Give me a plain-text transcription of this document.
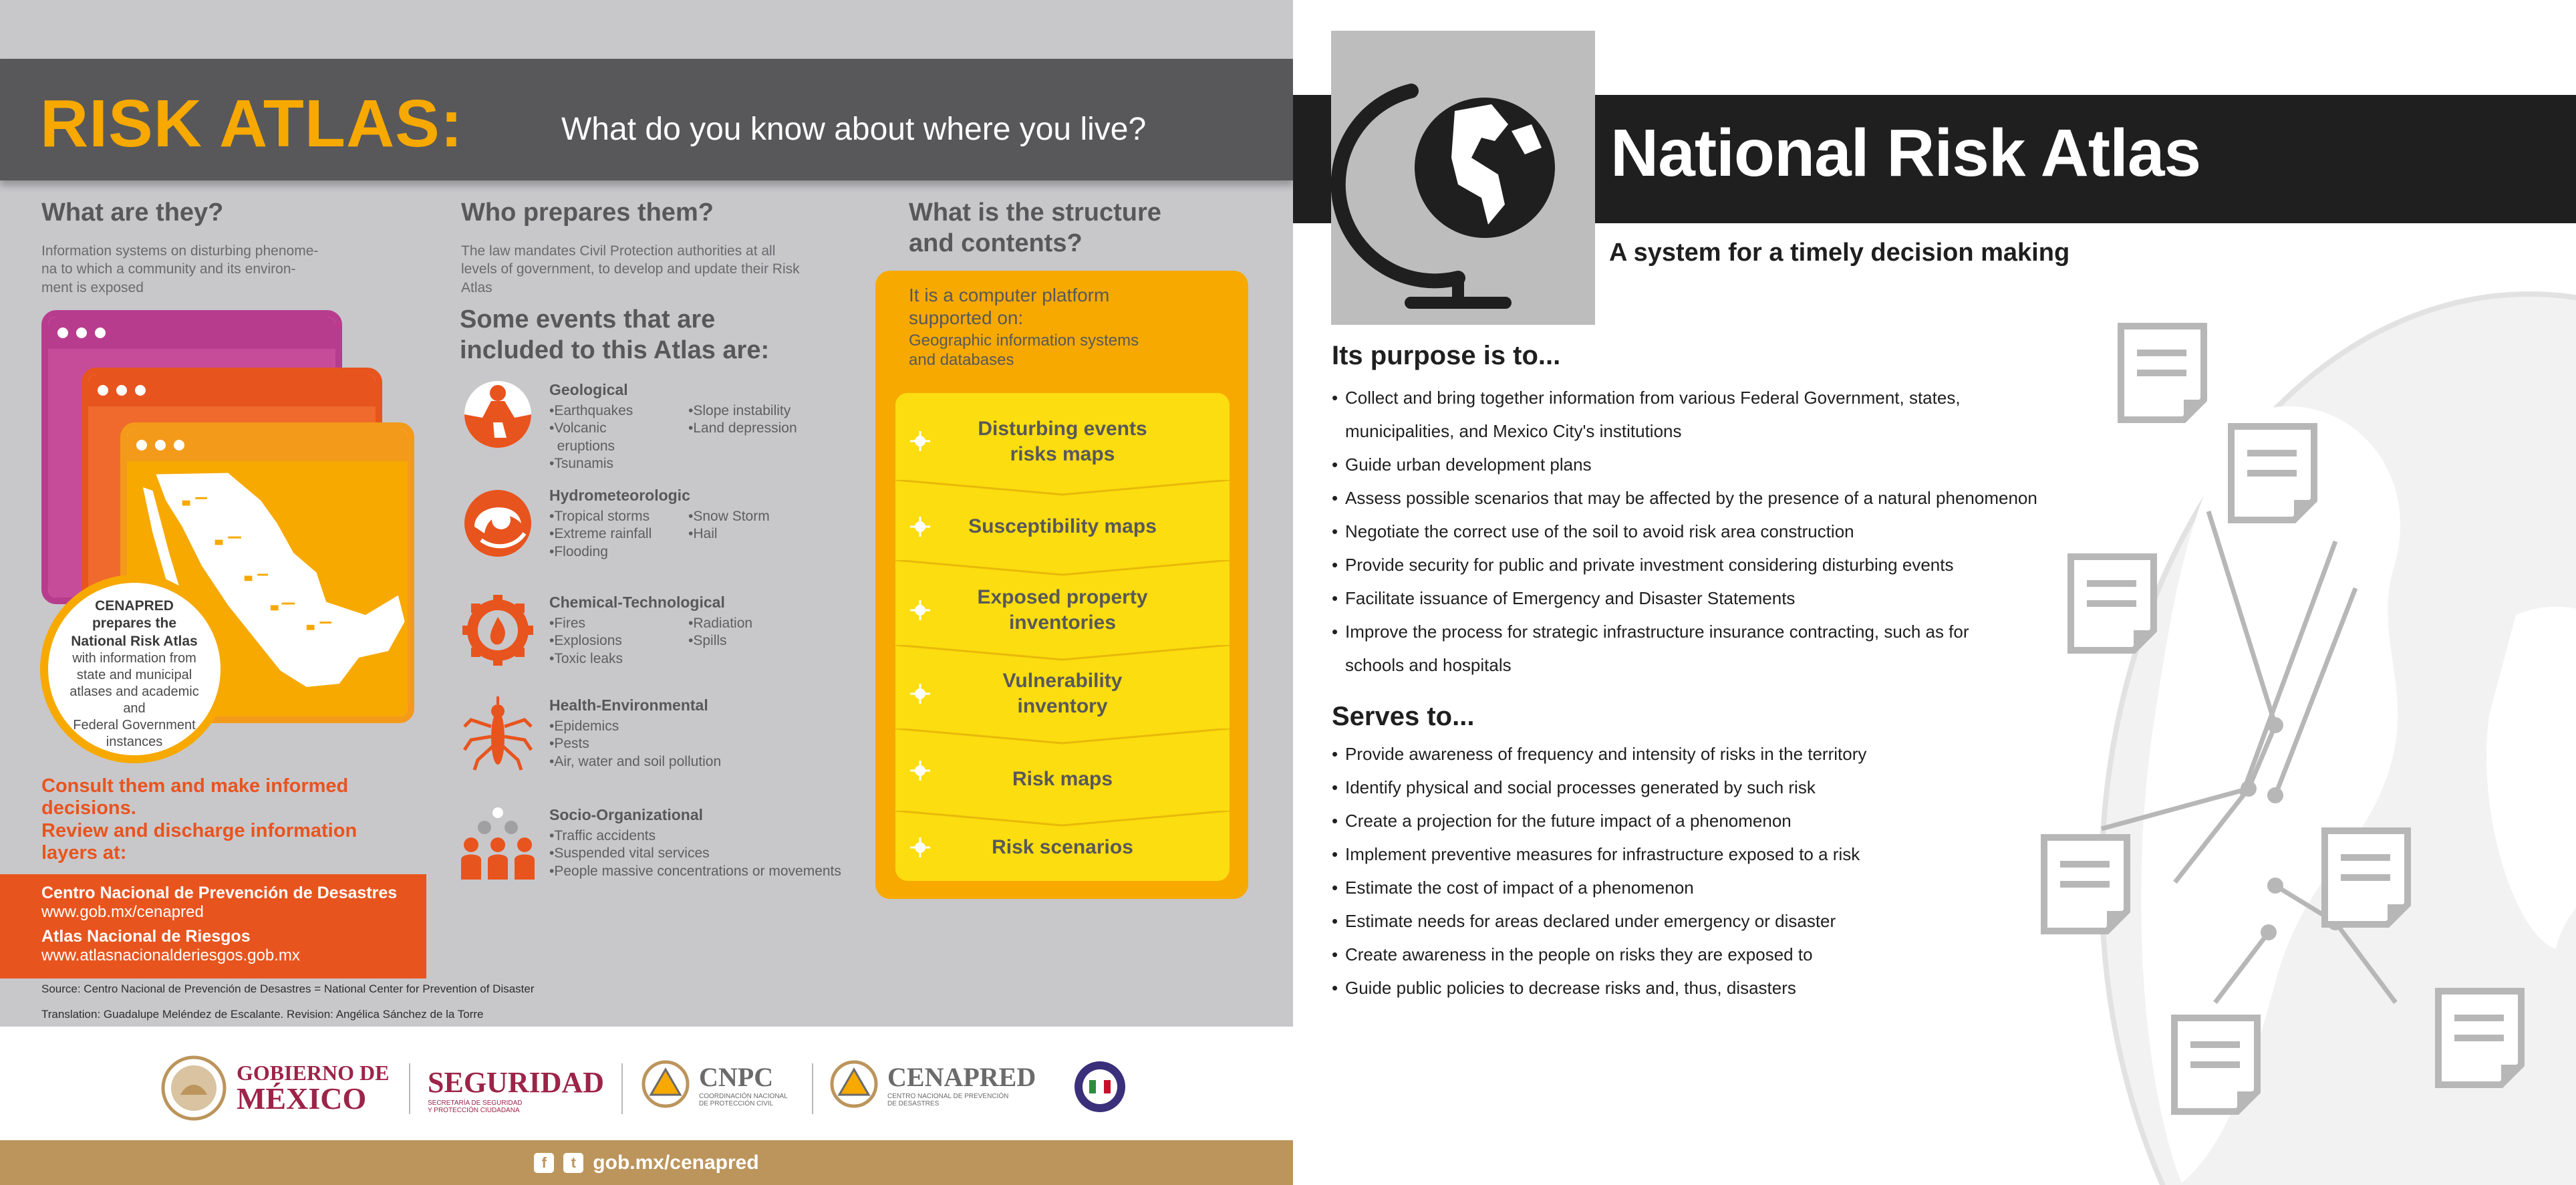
RISK ATLAS:	What do you know about where you live?
What are they?
Information systems on disturbing phenome-
na to which a community and its environ-
ment is exposed
CENAPRED
prepares the
National Risk Atlas
with information from
state and municipal
atlases and academic and
Federal Government
instances
Consult them and make informed
decisions.
Review and discharge information
layers at:
Centro Nacional de Prevención de Desastres
www.gob.mx/cenapred
Atlas Nacional de Riesgos
www.atlasnacionalderiesgos.gob.mx
Source: Centro Nacional de Prevención de Desastres = National Center for Prevention of Disaster
Translation: Guadalupe Meléndez de Escalante. Revision: Angélica Sánchez de la Torre
Who prepares them?
The law mandates Civil Protection authorities at all
levels of government, to develop and update their Risk
Atlas
Some events that are
included to this Atlas are:
Geological
•Earthquakes
•Volcanic
eruptions
•Tsunamis
•Slope instability
•Land depression
Hydrometeorologic
•Tropical storms
•Extreme rainfall
•Flooding
•Snow Storm
•Hail
Chemical-Technological
•Fires
•Explosions
•Toxic leaks
•Radiation
•Spills
Health-Environmental
•Epidemics
•Pests
•Air, water and soil pollution
Socio-Organizational
•Traffic accidents
•Suspended vital services
•People massive concentrations or movements
What is the structure
and contents?
It is a computer platform
supported on:
Geographic information systems
and databases
Disturbing events
risks maps
Susceptibility maps
Exposed property
inventories
Vulnerability
inventory
Risk maps
Risk scenarios
GOBIERNO DE
MÉXICO	SEGURIDAD
SECRETARÍA DE SEGURIDAD
Y PROTECCIÓN CIUDADANA
CNPC
COORDINACIÓN NACIONAL
DE PROTECCIÓN CIVIL
CENAPRED
CENTRO NACIONAL DE PREVENCIÓN
DE DESASTRES
f	t gob.mx/cenapred
National Risk Atlas
A system for a timely decision making
Its purpose is to...
• Collect and bring together information from various Federal Government, states,
municipalities, and Mexico City's institutions
• Guide urban development plans
• Assess possible scenarios that may be affected by the presence of a natural phenomenon
• Negotiate the correct use of the soil to avoid risk area construction
• Provide security for public and private investment considering disturbing events
• Facilitate issuance of Emergency and Disaster Statements
• Improve the process for strategic infrastructure insurance contracting, such as for
schools and hospitals
Serves to...
• Provide awareness of frequency and intensity of risks in the territory
• Identify physical and social processes generated by such risk
• Create a projection for the future impact of a phenomenon
• Implement preventive measures for infrastructure exposed to a risk
• Estimate the cost of impact of a phenomenon
• Estimate needs for areas declared under emergency or disaster
• Create awareness in the people on risks they are exposed to
• Guide public policies to decrease risks and, thus, disasters
